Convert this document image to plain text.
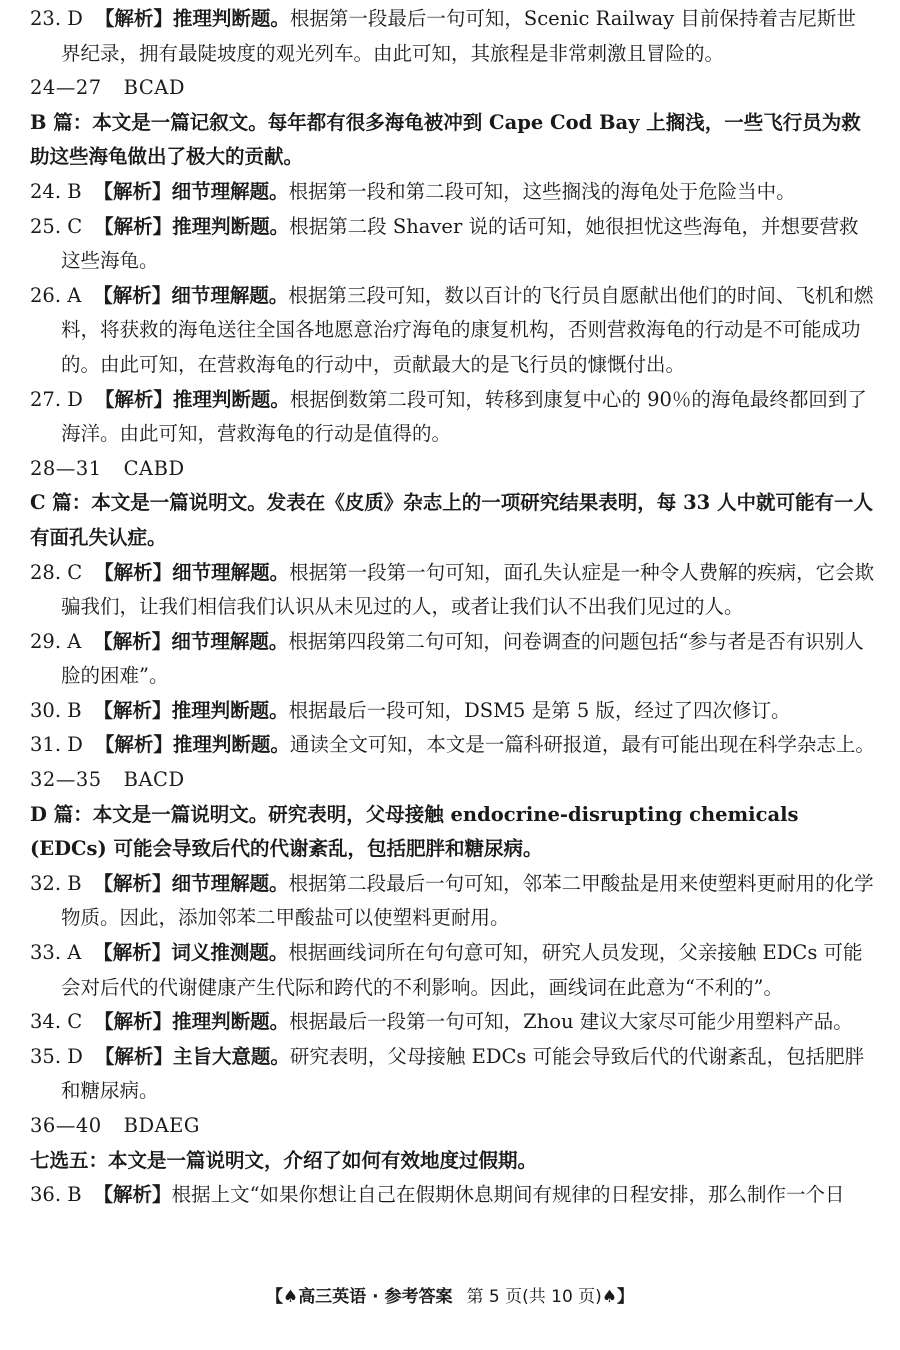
23. D 【解析】推理判断题。根据第一段最后一句可知，Scenic Railway 目前保持着吉尼斯世界纪录，拥有最陡坡度的观光列车。由此可知，其旅程是非常刺激且冒险的。
24—27 BCAD
B 篇：本文是一篇记叙文。每年都有很多海龟被冲到 Cape Cod Bay 上搁浅，一些飞行员为救助这些海龟做出了极大的贡献。
24. B 【解析】细节理解题。根据第一段和第二段可知，这些搁浅的海龟处于危险当中。
25. C 【解析】推理判断题。根据第二段 Shaver 说的话可知，她很担忧这些海龟，并想要营救这些海龟。
26. A 【解析】细节理解题。根据第三段可知，数以百计的飞行员自愿献出他们的时间、飞机和燃料，将获救的海龟送往全国各地愿意治疗海龟的康复机构，否则营救海龟的行动是不可能成功的。由此可知，在营救海龟的行动中，贡献最大的是飞行员的慷慨付出。
27. D 【解析】推理判断题。根据倒数第二段可知，转移到康复中心的 90％的海龟最终都回到了海洋。由此可知，营救海龟的行动是值得的。
28—31 CABD
C 篇：本文是一篇说明文。发表在《皮质》杂志上的一项研究结果表明，每 33 人中就可能有一人有面孔失认症。
28. C 【解析】细节理解题。根据第一段第一句可知，面孔失认症是一种令人费解的疾病，它会欺骗我们，让我们相信我们认识从未见过的人，或者让我们认不出我们见过的人。
29. A 【解析】细节理解题。根据第四段第二句可知，问卷调查的问题包括“参与者是否有识别人脸的困难”。
30. B 【解析】推理判断题。根据最后一段可知，DSM5 是第 5 版，经过了四次修订。
31. D 【解析】推理判断题。通读全文可知，本文是一篇科研报道，最有可能出现在科学杂志上。
32—35 BACD
D 篇：本文是一篇说明文。研究表明，父母接触 endocrine-disrupting chemicals (EDCs) 可能会导致后代的代谢紊乱，包括肥胖和糖尿病。
32. B 【解析】细节理解题。根据第二段最后一句可知，邻苯二甲酸盐是用来使塑料更耐用的化学物质。因此，添加邻苯二甲酸盐可以使塑料更耐用。
33. A 【解析】词义推测题。根据画线词所在句句意可知，研究人员发现，父亲接触 EDCs 可能会对后代的代谢健康产生代际和跨代的不利影响。因此，画线词在此意为“不利的”。
34. C 【解析】推理判断题。根据最后一段第一句可知，Zhou 建议大家尽可能少用塑料产品。
35. D 【解析】主旨大意题。研究表明，父母接触 EDCs 可能会导致后代的代谢紊乱，包括肥胖和糖尿病。
36—40 BDAEG
七选五：本文是一篇说明文，介绍了如何有效地度过假期。
36. B 【解析】根据上文“如果你想让自己在假期休息期间有规律的日程安排，那么制作一个日
【♠高三英语 · 参考答案 第 5 页(共 10 页)♠】
